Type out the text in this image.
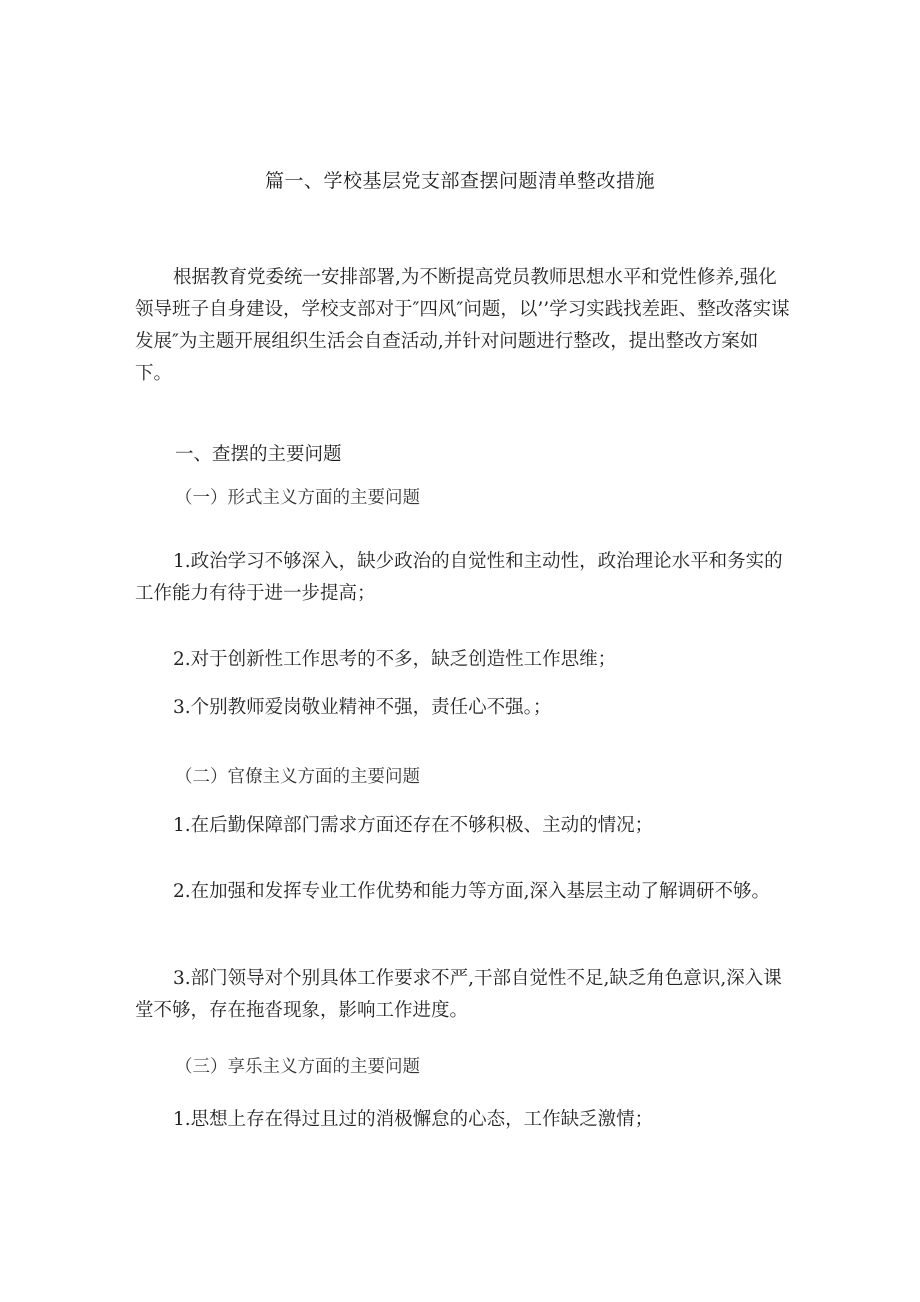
篇一、学校基层党支部查摆问题清单整改措施

根据教育党委统一安排部署,为不断提高党员教师思想水平和党性修养,强化领导班子自身建设，学校支部对于″四风″问题，以’’学习实践找差距、整改落实谋发展″为主题开展组织生活会自查活动,并针对问题进行整改，提出整改方案如下。

一、查摆的主要问题
（一）形式主义方面的主要问题

1.政治学习不够深入，缺少政治的自觉性和主动性，政治理论水平和务实的工作能力有待于进一步提高；

2.对于创新性工作思考的不多，缺乏创造性工作思维；

3.个别教师爱岗敬业精神不强，责任心不强。；

（二）官僚主义方面的主要问题

1.在后勤保障部门需求方面还存在不够积极、主动的情况；

2.在加强和发挥专业工作优势和能力等方面,深入基层主动了解调研不够。

3.部门领导对个别具体工作要求不严,干部自觉性不足,缺乏角色意识,深入课堂不够，存在拖沓现象，影响工作进度。

（三）享乐主义方面的主要问题

1.思想上存在得过且过的消极懈怠的心态，工作缺乏激情；
